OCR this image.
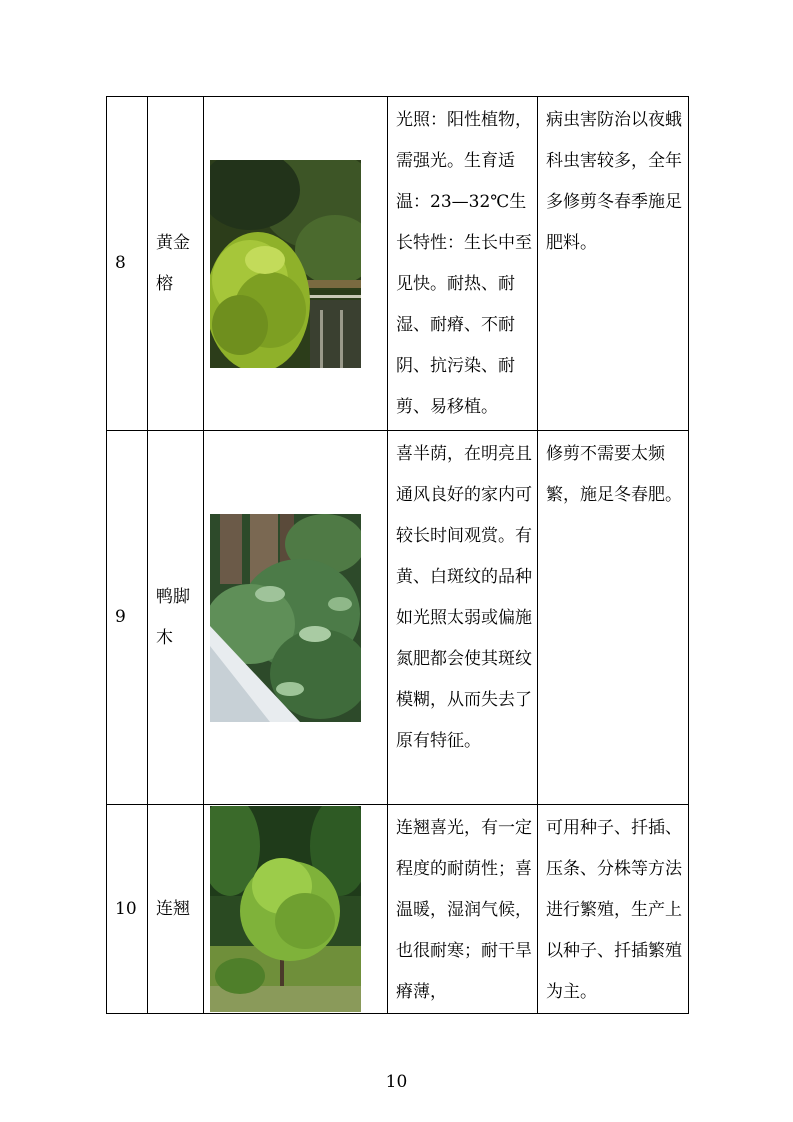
8	黄金榕		光照：阳性植物，需强光。生育适温：23—32℃生长特性：生长中至见快。耐热、耐湿、耐瘠、不耐阴、抗污染、耐剪、易移植。	病虫害防治以夜蛾科虫害较多，全年多修剪冬春季施足肥料。
9	鸭脚木		喜半荫，在明亮且通风良好的家内可较长时间观赏。有黄、白斑纹的品种如光照太弱或偏施氮肥都会使其斑纹模糊，从而失去了原有特征。	修剪不需要太频繁，施足冬春肥。
10	连翘		连翘喜光，有一定程度的耐荫性；喜温暖，湿润气候，也很耐寒；耐干旱瘠薄，	可用种子、扦插、压条、分株等方法进行繁殖，生产上以种子、扦插繁殖为主。
10
